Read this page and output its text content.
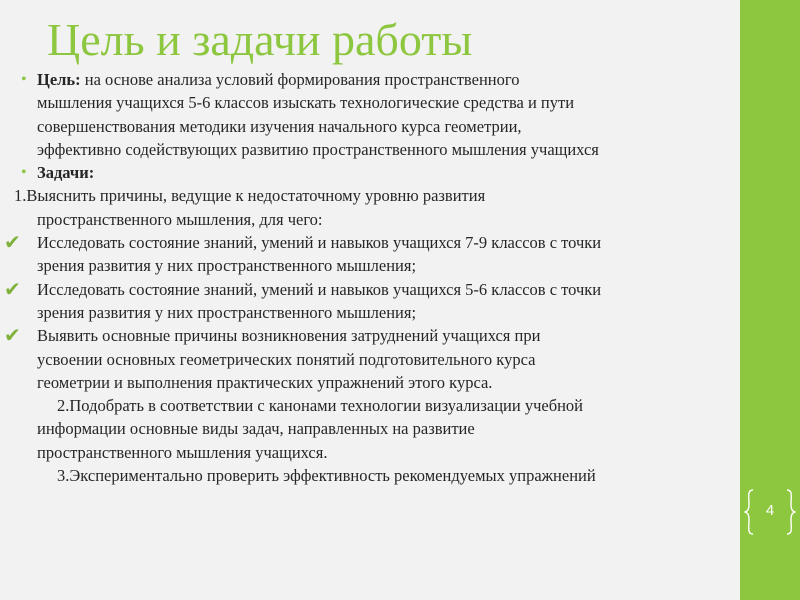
4
Цель и задачи работы
• Цель: на основе анализа условий формирования пространственного
мышления учащихся 5-6 классов изыскать технологические средства и пути
совершенствования методики изучения начального курса геометрии,
эффективно содействующих развитию пространственного мышления учащихся
• Задачи:
1.Выяснить причины, ведущие к недостаточному уровню развития
пространственного мышления, для чего:
✔ Исследовать состояние знаний, умений и навыков учащихся 7-9 классов с точки
зрения развития у них пространственного мышления;
✔ Исследовать состояние знаний, умений и навыков учащихся 5-6 классов с точки
зрения развития у них пространственного мышления;
✔ Выявить основные причины возникновения затруднений учащихся при
усвоении основных геометрических понятий подготовительного курса
геометрии и выполнения практических упражнений этого курса.
2.Подобрать в соответствии с канонами технологии визуализации учебной
информации основные виды задач, направленных на развитие
пространственного мышления учащихся.
3.Экспериментально проверить эффективность рекомендуемых упражнений
